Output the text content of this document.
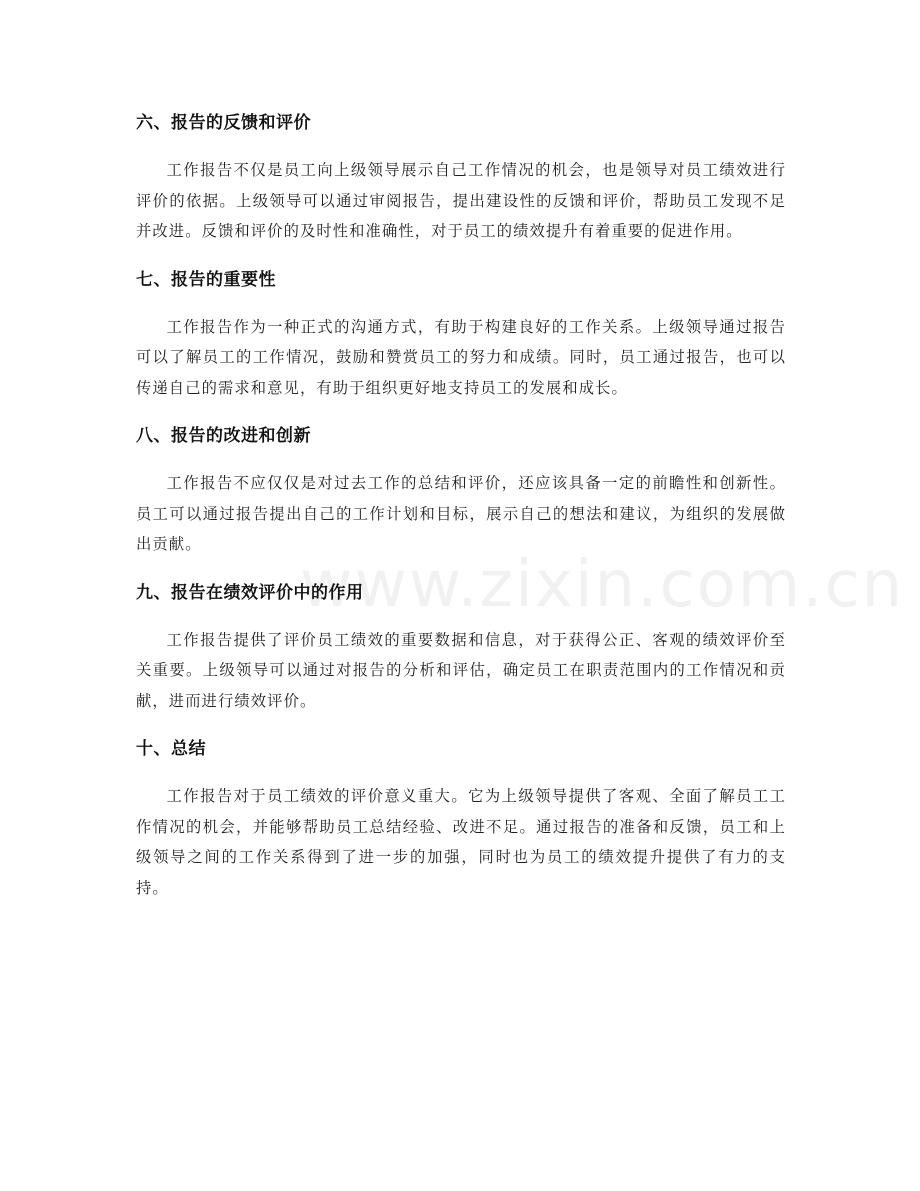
www.zixin.com.cn
六、报告的反馈和评价

工作报告不仅是员工向上级领导展示自己工作情况的机会，也是领导对员工绩效进行评价的依据。上级领导可以通过审阅报告，提出建设性的反馈和评价，帮助员工发现不足并改进。反馈和评价的及时性和准确性，对于员工的绩效提升有着重要的促进作用。

七、报告的重要性

工作报告作为一种正式的沟通方式，有助于构建良好的工作关系。上级领导通过报告可以了解员工的工作情况，鼓励和赞赏员工的努力和成绩。同时，员工通过报告，也可以传递自己的需求和意见，有助于组织更好地支持员工的发展和成长。

八、报告的改进和创新

工作报告不应仅仅是对过去工作的总结和评价，还应该具备一定的前瞻性和创新性。员工可以通过报告提出自己的工作计划和目标，展示自己的想法和建议，为组织的发展做出贡献。

九、报告在绩效评价中的作用

工作报告提供了评价员工绩效的重要数据和信息，对于获得公正、客观的绩效评价至关重要。上级领导可以通过对报告的分析和评估，确定员工在职责范围内的工作情况和贡献，进而进行绩效评价。

十、总结

工作报告对于员工绩效的评价意义重大。它为上级领导提供了客观、全面了解员工工作情况的机会，并能够帮助员工总结经验、改进不足。通过报告的准备和反馈，员工和上级领导之间的工作关系得到了进一步的加强，同时也为员工的绩效提升提供了有力的支持。
